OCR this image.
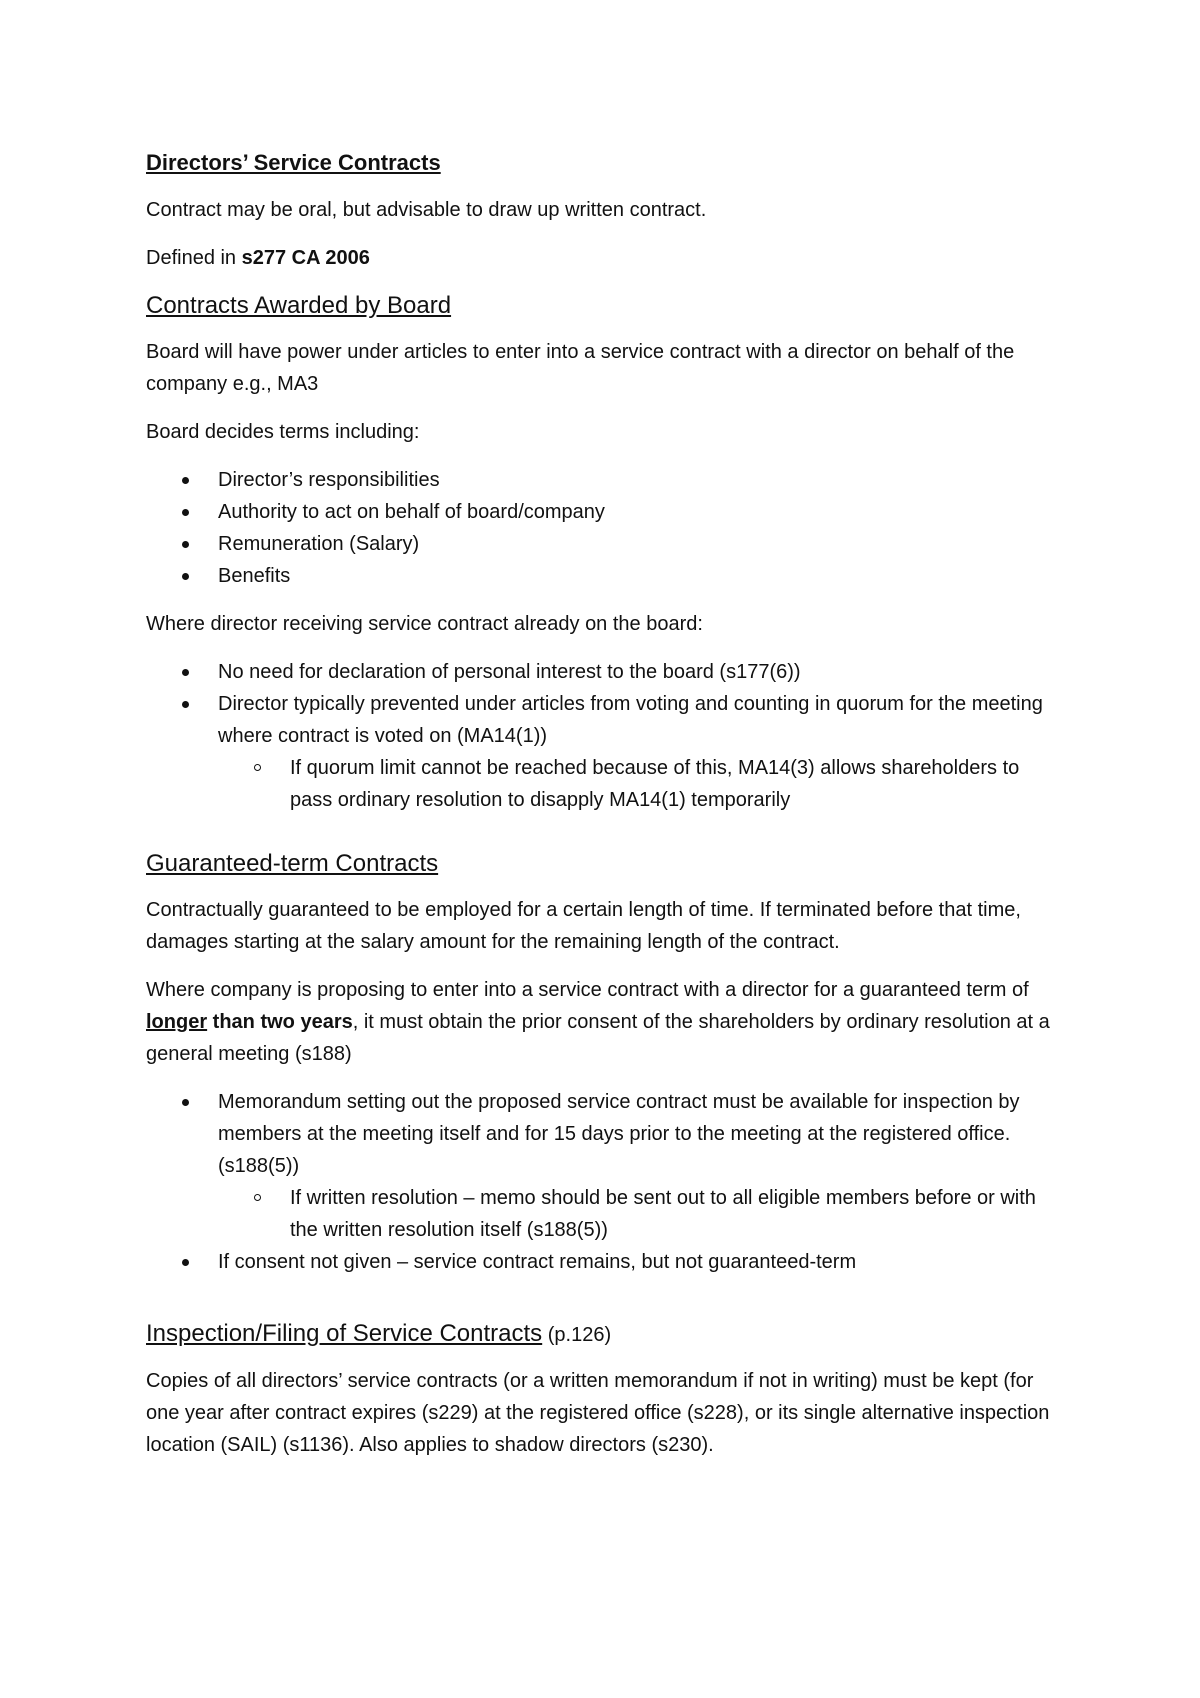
Directors’ Service Contracts

Contract may be oral, but advisable to draw up written contract.

Defined in s277 CA 2006

Contracts Awarded by Board

Board will have power under articles to enter into a service contract with a director on behalf of the company e.g., MA3

Board decides terms including:

Director’s responsibilities
Authority to act on behalf of board/company
Remuneration (Salary)
Benefits

Where director receiving service contract already on the board:

No need for declaration of personal interest to the board (s177(6))
Director typically prevented under articles from voting and counting in quorum for the meeting where contract is voted on (MA14(1))
If quorum limit cannot be reached because of this, MA14(3) allows shareholders to pass ordinary resolution to disapply MA14(1) temporarily

Guaranteed-term Contracts

Contractually guaranteed to be employed for a certain length of time. If terminated before that time, damages starting at the salary amount for the remaining length of the contract.

Where company is proposing to enter into a service contract with a director for a guaranteed term of longer than two years, it must obtain the prior consent of the shareholders by ordinary resolution at a general meeting (s188)

Memorandum setting out the proposed service contract must be available for inspection by members at the meeting itself and for 15 days prior to the meeting at the registered office. (s188(5))
If written resolution – memo should be sent out to all eligible members before or with the written resolution itself (s188(5))
If consent not given – service contract remains, but not guaranteed-term

Inspection/Filing of Service Contracts (p.126)

Copies of all directors’ service contracts (or a written memorandum if not in writing) must be kept (for one year after contract expires (s229) at the registered office (s228), or its single alternative inspection location (SAIL) (s1136). Also applies to shadow directors (s230).
